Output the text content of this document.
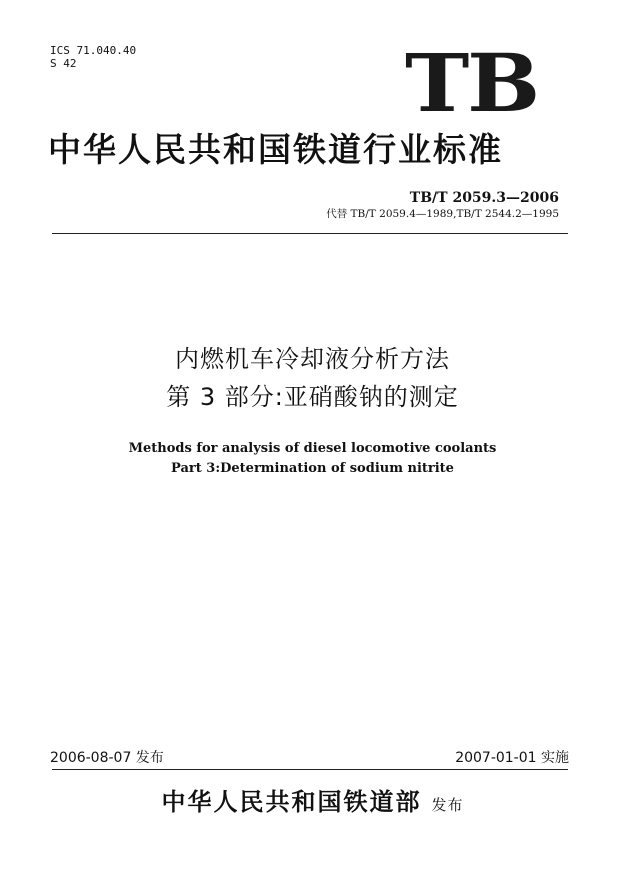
ICS 71.040.40
S 42	TB
中华人民共和国铁道行业标准
TB/T 2059.3—2006
代替 TB/T 2059.4—1989,TB/T 2544.2—1995
内燃机车冷却液分析方法
第 3 部分:亚硝酸钠的测定
Methods for analysis of diesel locomotive coolants
Part 3:Determination of sodium nitrite
2006-08-07 发布	2007-01-01 实施
中华人民共和国铁道部 发布
